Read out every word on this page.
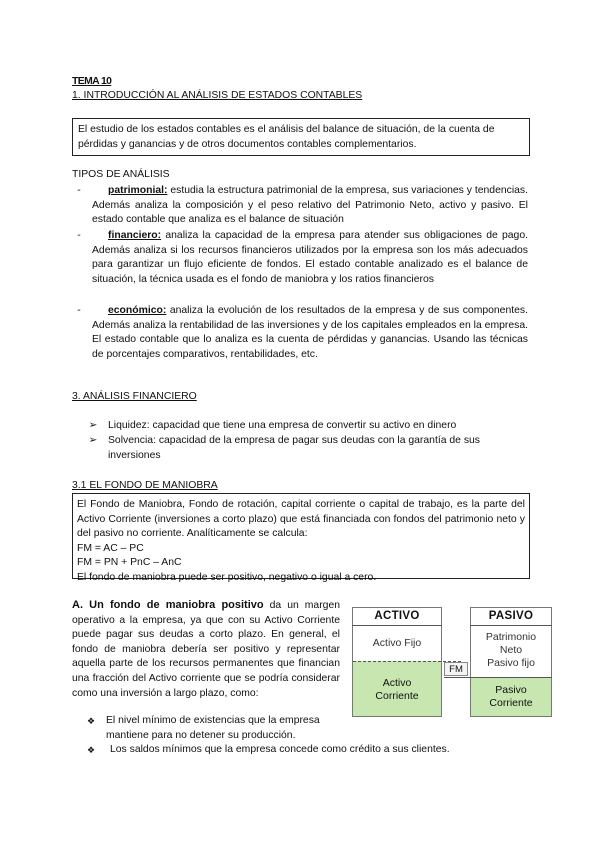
TEMA 10
1. INTRODUCCIÓN AL ANÁLISIS DE ESTADOS CONTABLES
El estudio de los estados contables es el análisis del balance de situación, de la cuenta de pérdidas y ganancias y de otros documentos contables complementarios.
TIPOS DE ANÁLISIS
-	patrimonial: estudia la estructura patrimonial de la empresa, sus variaciones y tendencias. Además analiza la composición y el peso relativo del Patrimonio Neto, activo y pasivo. El estado contable que analiza es el balance de situación
-	financiero: analiza la capacidad de la empresa para atender sus obligaciones de pago. Además analiza si los recursos financieros utilizados por la empresa son los más adecuados para garantizar un flujo eficiente de fondos. El estado contable analizado es el balance de situación, la técnica usada es el fondo de maniobra y los ratios financieros
-	económico: analiza la evolución de los resultados de la empresa y de sus componentes. Además analiza la rentabilidad de las inversiones y de los capitales empleados en la empresa. El estado contable que lo analiza es la cuenta de pérdidas y ganancias. Usando las técnicas de porcentajes comparativos, rentabilidades, etc.
3. ANÁLISIS FINANCIERO
➢	Liquidez: capacidad que tiene una empresa de convertir su activo en dinero
➢	Solvencia: capacidad de la empresa de pagar sus deudas con la garantía de sus inversiones
3.1 EL FONDO DE MANIOBRA
El Fondo de Maniobra, Fondo de rotación, capital corriente o capital de trabajo, es la parte del Activo Corriente (inversiones a corto plazo) que está financiada con fondos del patrimonio neto y del pasivo no corriente. Analíticamente se calcula:
FM = AC – PC
FM = PN + PnC – AnC
El fondo de maniobra puede ser positivo, negativo o igual a cero.
A. Un fondo de maniobra positivo da un margen operativo a la empresa, ya que con su Activo Corriente puede pagar sus deudas a corto plazo. En general, el fondo de maniobra debería ser positivo y representar aquella parte de los recursos permanentes que financian una fracción del Activo corriente que se podría considerar como una inversión a largo plazo, como:
❖	El nivel mínimo de existencias que la empresa mantiene para no detener su producción.
❖	Los saldos mínimos que la empresa concede como crédito a sus clientes.
ACTIVO
Activo Fijo
Activo
Corriente
FM
PASIVO
Patrimonio
Neto
Pasivo fijo
Pasivo
Corriente
